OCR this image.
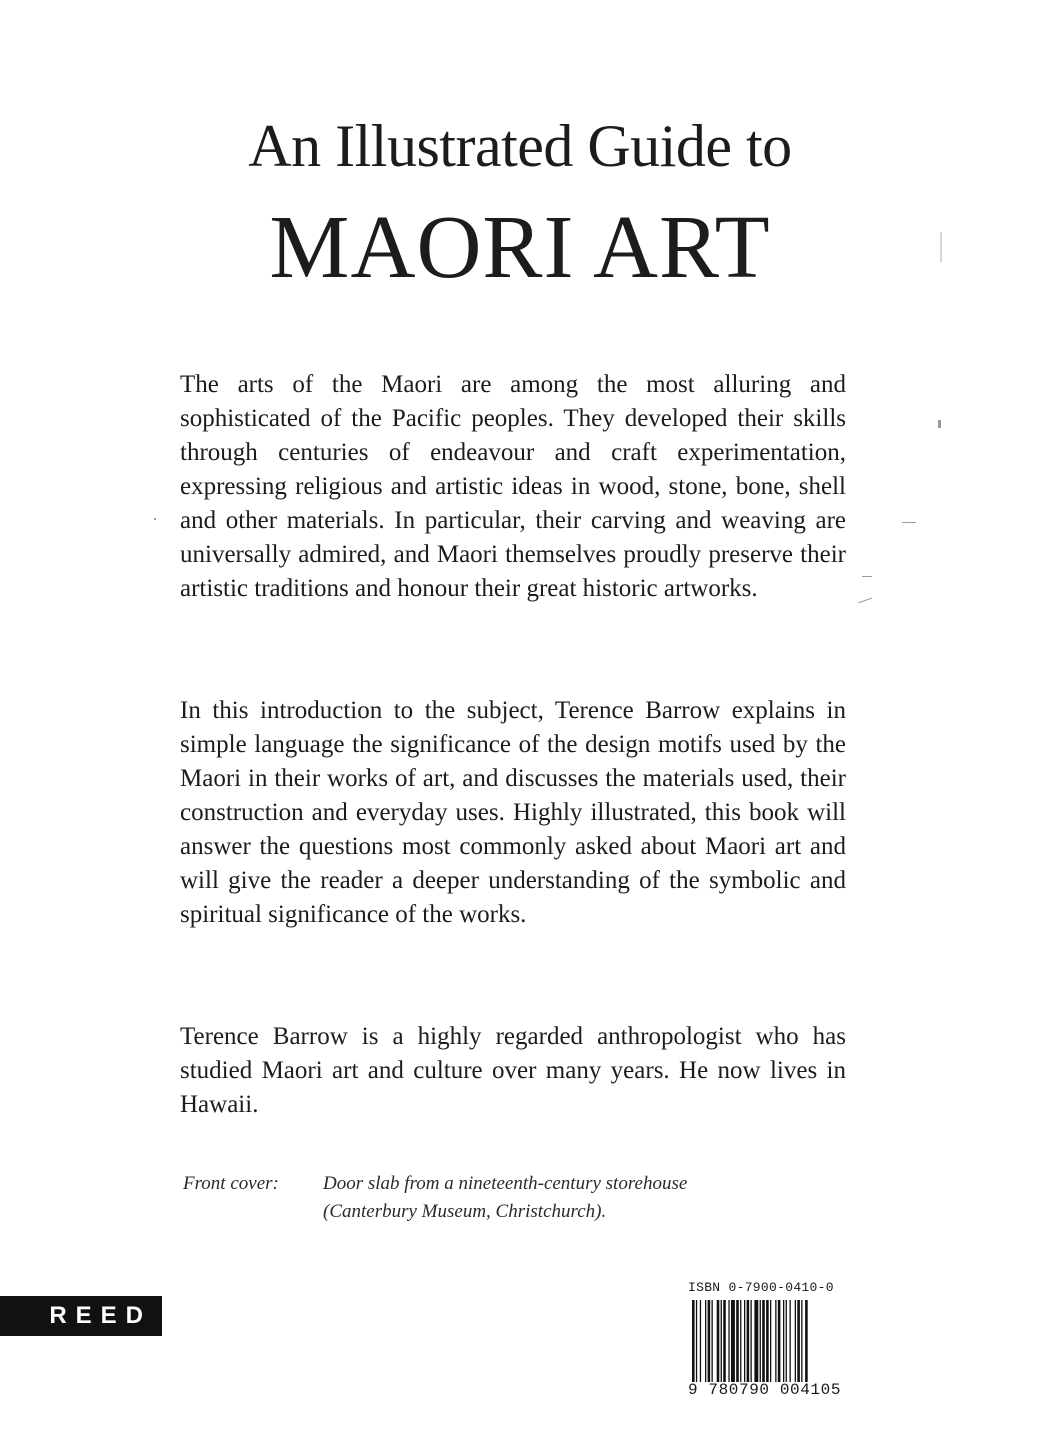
An Illustrated Guide to
MAORI ART

The arts of the Maori are among the most alluring and sophisticated of the Pacific peoples. They developed their skills through centuries of endeavour and craft experimentation, expressing religious and artistic ideas in wood, stone, bone, shell and other materials. In particular, their carving and weaving are universally admired, and Maori themselves proudly preserve their artistic traditions and honour their great historic artworks.

In this introduction to the subject, Terence Barrow explains in simple language the significance of the design motifs used by the Maori in their works of art, and discusses the materials used, their construction and everyday uses. Highly illustrated, this book will answer the questions most commonly asked about Maori art and will give the reader a deeper understanding of the symbolic and spiritual significance of the works.

Terence Barrow is a highly regarded anthropologist who has studied Maori art and culture over many years. He now lives in Hawaii.

Front cover: Door slab from a nineteenth-century storehouse
(Canterbury Museum, Christchurch).
REED
ISBN 0-7900-0410-0
9 780790 004105
